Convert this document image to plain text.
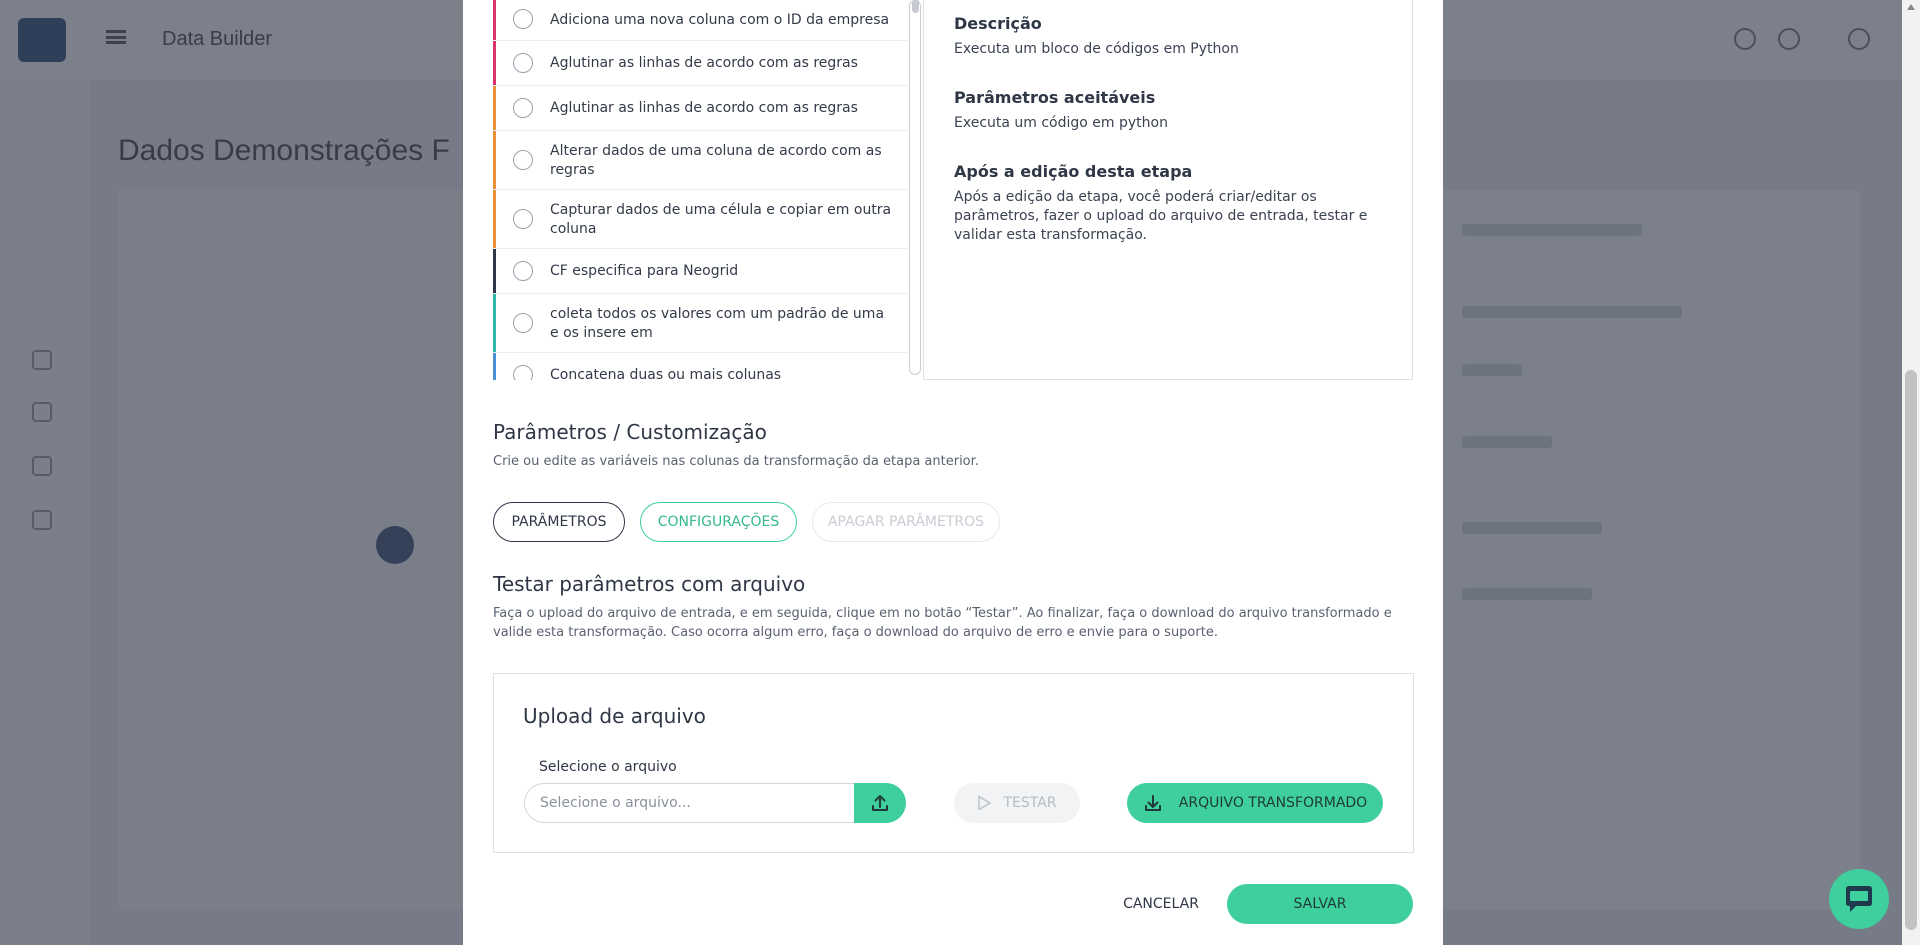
Adiciona uma nova coluna com o ID da empresa
Aglutinar as linhas de acordo com as regras
Aglutinar as linhas de acordo com as regras
Alterar dados de uma coluna de acordo com as regras
Capturar dados de uma célula e copiar em outra coluna
CF especifica para Neogrid
coleta todos os valores com um padrão de uma e os insere em
Concatena duas ou mais colunas
Descrição
Executa um bloco de códigos em Python
Parâmetros aceitáveis
Executa um código em python
Após a edição desta etapa
Após a edição da etapa, você poderá criar/editar os parâmetros, fazer o upload do arquivo de entrada, testar e validar esta transformação.
Parâmetros / Customização
Crie ou edite as variáveis nas colunas da transformação da etapa anterior.
PARÂMETROS	CONFIGURAÇÕES	APAGAR PARÂMETROS
Testar parâmetros com arquivo
Faça o upload do arquivo de entrada, e em seguida, clique em no botão “Testar”. Ao finalizar, faça o download do arquivo transformado e valide esta transformação. Caso ocorra algum erro, faça o download do arquivo de erro e envie para o suporte.
Upload de arquivo
Selecione o arquivo
Selecione o arquivo...
TESTAR	ARQUIVO TRANSFORMADO
CANCELAR	SALVAR
